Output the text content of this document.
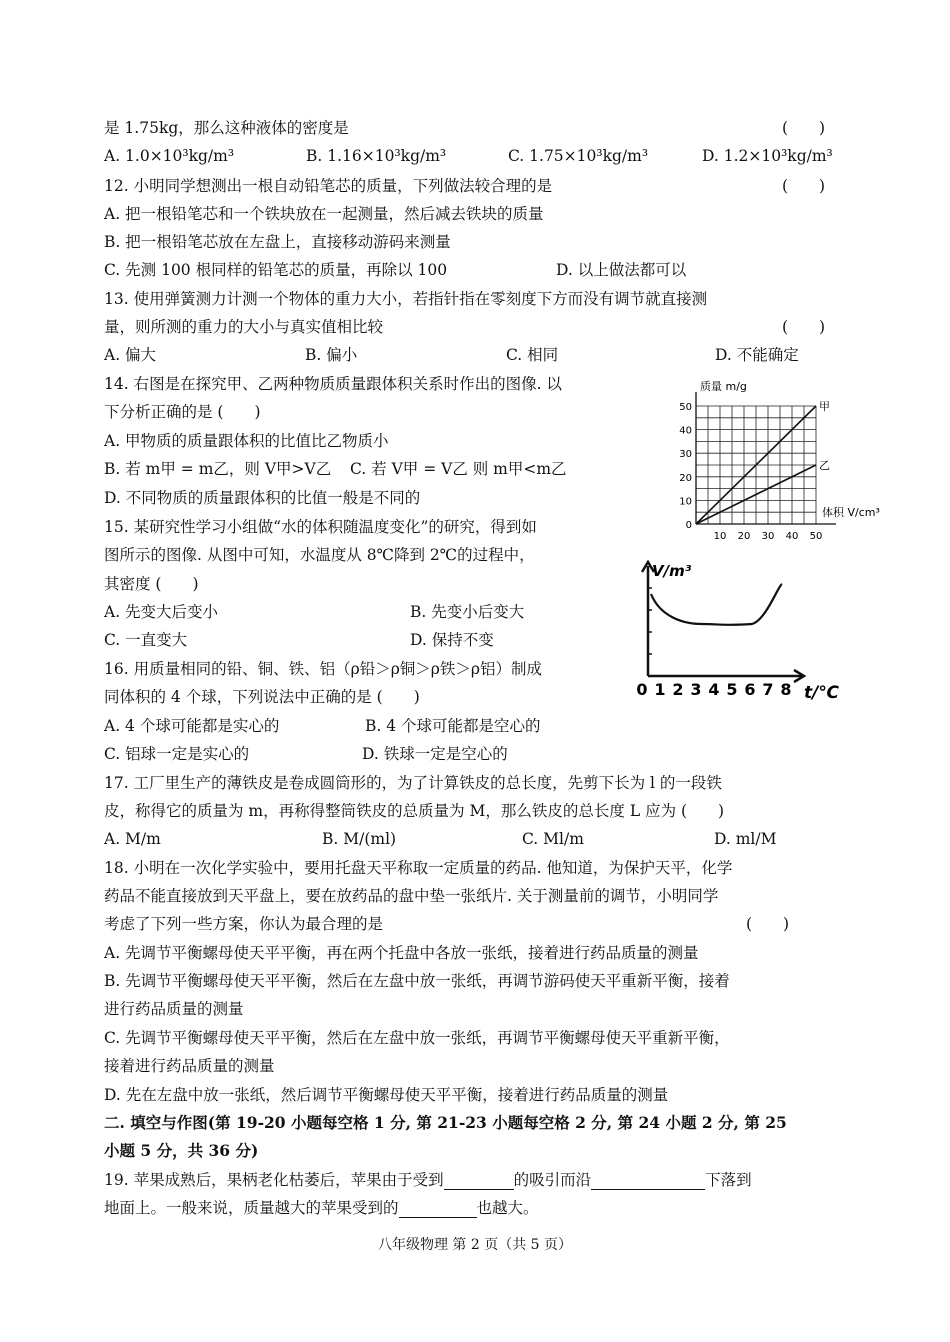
是 1.75kg，那么这种液体的密度是	(　　)
A. 1.0×10³kg/m³	B. 1.16×10³kg/m³	C. 1.75×10³kg/m³	D. 1.2×10³kg/m³
12. 小明同学想测出一根自动铅笔芯的质量，下列做法较合理的是	(　　)
A. 把一根铅笔芯和一个铁块放在一起测量，然后减去铁块的质量
B. 把一根铅笔芯放在左盘上，直接移动游码来测量
C. 先测 100 根同样的铅笔芯的质量，再除以 100	D. 以上做法都可以
13. 使用弹簧测力计测一个物体的重力大小，若指针指在零刻度下方而没有调节就直接测
量，则所测的重力的大小与真实值相比较	(　　)
A. 偏大	B. 偏小	C. 相同	D. 不能确定
14. 右图是在探究甲、乙两种物质质量跟体积关系时作出的图像. 以
下分析正确的是 (　　)
A. 甲物质的质量跟体积的比值比乙物质小
B. 若 m甲 = m乙，则 V甲>V乙 C. 若 V甲 = V乙 则 m甲<m乙
D. 不同物质的质量跟体积的比值一般是不同的
甲
乙
0
10
20
30
40
50
10 20 30 40 50
质量 m/g
体积 V/cm³
15. 某研究性学习小组做“水的体积随温度变化”的研究，得到如
图所示的图像. 从图中可知，水温度从 8℃降到 2℃的过程中，
其密度 (　　)
A. 先变大后变小	B. 先变小后变大
C. 一直变大	D. 保持不变
V/m³
0 1 2 3 4 5 6 7 8 t/℃
16. 用质量相同的铅、铜、铁、铝（ρ铅＞ρ铜＞ρ铁＞ρ铝）制成
同体积的 4 个球，下列说法中正确的是 (　　)
A. 4 个球可能都是实心的	B. 4 个球可能都是空心的
C. 铝球一定是实心的	D. 铁球一定是空心的
17. 工厂里生产的薄铁皮是卷成圆筒形的，为了计算铁皮的总长度，先剪下长为 l 的一段铁
皮，称得它的质量为 m，再称得整筒铁皮的总质量为 M，那么铁皮的总长度 L 应为 (　　)
A. M/m	B. M/(ml)	C. Ml/m	D. ml/M
18. 小明在一次化学实验中，要用托盘天平称取一定质量的药品. 他知道，为保护天平，化学
药品不能直接放到天平盘上，要在放药品的盘中垫一张纸片. 关于测量前的调节，小明同学
考虑了下列一些方案，你认为最合理的是	(　　)
A. 先调节平衡螺母使天平平衡，再在两个托盘中各放一张纸，接着进行药品质量的测量
B. 先调节平衡螺母使天平平衡，然后在左盘中放一张纸，再调节游码使天平重新平衡，接着
进行药品质量的测量
C. 先调节平衡螺母使天平平衡，然后在左盘中放一张纸，再调节平衡螺母使天平重新平衡，
接着进行药品质量的测量
D. 先在左盘中放一张纸，然后调节平衡螺母使天平平衡，接着进行药品质量的测量
二. 填空与作图(第 19-20 小题每空格 1 分, 第 21-23 小题每空格 2 分, 第 24 小题 2 分, 第 25
小题 5 分，共 36 分)
19. 苹果成熟后，果柄老化枯萎后，苹果由于受到	的吸引而沿	下落到
地面上。一般来说，质量越大的苹果受到的	也越大。
八年级物理 第 2 页（共 5 页）
